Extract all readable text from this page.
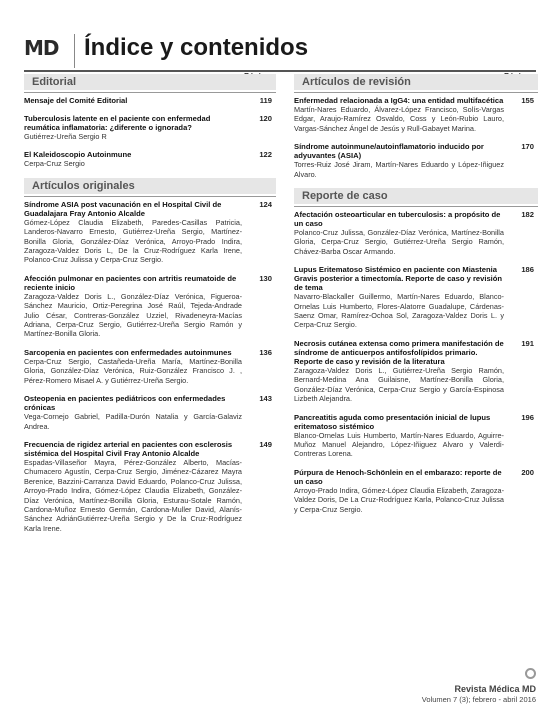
MD	Índice y contenidos
Editorial
Mensaje del Comité Editorial	119
Tuberculosis latente en el paciente con enfermedad reumática inflamatoria: ¿diferente o ignorada?
Gutiérrez-Ureña Sergio R
120
El Kaleidoscopio Autoinmune
Cerpa-Cruz Sergio
122
Artículos originales
Síndrome ASIA post vacunación en el Hospital Civil de Guadalajara Fray Antonio Alcalde
Gómez-López Claudia Elizabeth, Paredes-Casillas Patricia, Landeros-Navarro Ernesto, Gutiérrez-Ureña Sergio, Martínez-Bonilla Gloria, González-Díaz Verónica, Arroyo-Prado Indira, Zaragoza-Valdez Doris L, De la Cruz-Rodríguez Karla Irene, Polanco-Cruz Julissa y Cerpa-Cruz Sergio.
124
Afección pulmonar en pacientes con artritis reumatoide de reciente inicio
Zaragoza-Valdez Doris L., González-Díaz Verónica, Figueroa-Sánchez Mauricio, Ortiz-Peregrina José Raúl, Tejeda-Andrade Julio César, Contreras-González Uzziel, Rivadeneyra-Macías Adriana, Cerpa-Cruz Sergio, Gutiérrez-Ureña Sergio Ramón y Martínez-Bonilla Gloria.
130
Sarcopenia en pacientes con enfermedades autoinmunes
Cerpa-Cruz Sergio, Castañeda-Ureña María, Martínez-Bonilla Gloria, González-Díaz Verónica, Ruiz-González Francisco J. , Pérez-Romero Misael A. y Gutiérrez-Ureña Sergio.
136
Osteopenia en pacientes pediátricos con enfermedades crónicas
Vega-Cornejo Gabriel, Padilla-Durón Natalia y García-Galaviz Andrea.
143
Frecuencia de rigidez arterial en pacientes con esclerosis sistémica del Hospital Civil Fray Antonio Alcalde
Espadas-Villaseñor Mayra, Pérez-González Alberto, Macías-Chumacero Agustín, Cerpa-Cruz Sergio, Jiménez-Cázarez Mayra Berenice, Bazzini-Carranza David Eduardo, Polanco-Cruz Julissa, Arroyo-Prado Indira, Gómez-López Claudia Elizabeth, González-Díaz Verónica, Martínez-Bonilla Gloria, Esturau-Sotale Ramón, Cardona-Muñoz Ernesto Germán, Cardona-Muller David, Alanís-Sánchez AdriánGutiérrez-Ureña Sergio y De la Cruz-Rodríguez Karla Irene.
149
Artículos de revisión
Enfermedad relacionada a IgG4: una entidad multifacética
Martín-Nares Eduardo, Álvarez-López Francisco, Solís-Vargas Edgar, Araujo-Ramírez Osvaldo, Coss y León-Rubio Lauro, Vargas-Sánchez Ángel de Jesús y Rull-Gabayet Marina.
155
Síndrome autoinmune/autoinflamatorio inducido por adyuvantes (ASIA)
Torres-Ruiz José Jiram, Martín-Nares Eduardo y López-Iñiguez Alvaro.
170
Reporte de caso
Afectación osteoarticular en tuberculosis: a propósito de un caso
Polanco-Cruz Julissa, González-Díaz Verónica, Martínez-Bonilla Gloria, Cerpa-Cruz Sergio, Gutiérrez-Ureña Sergio Ramón, Chávez-Barba Oscar Armando.
182
Lupus Eritematoso Sistémico en paciente con Miastenia Gravis posterior a timectomía. Reporte de caso y revisión de tema
Navarro-Blackaller Guillermo, Martín-Nares Eduardo, Blanco-Ornelas Luis Humberto, Flores-Alatorre Guadalupe, Cárdenas-Saenz Omar, Ramírez-Ochoa Sol, Zaragoza-Valdez Doris L. y Cerpa-Cruz Sergio.
186
Necrosis cutánea extensa como primera manifestación de síndrome de anticuerpos antifosfolípidos primario. Reporte de caso y revisión de la literatura
Zaragoza-Valdez Doris L., Gutiérrez-Ureña Sergio Ramón, Bernard-Medina Ana Guilaisne, Martínez-Bonilla Gloria, González-Díaz Verónica, Cerpa-Cruz Sergio y García-Espinosa Lizbeth Alejandra.
191
Pancreatitis aguda como presentación inicial de lupus eritematoso sistémico
Blanco-Ornelas Luis Humberto, Martín-Nares Eduardo, Aguirre-Muñoz Manuel Alejandro, López-Iñiguez Alvaro y Valerdi-Contreras Lorena.
196
Púrpura de Henoch-Schönlein en el embarazo: reporte de un caso
Arroyo-Prado Indira, Gómez-López Claudia Elizabeth, Zaragoza-Valdez Doris, De La Cruz-Rodríguez Karla, Polanco-Cruz Julissa y Cerpa-Cruz Sergio.
200
Revista Médica MD
Volumen 7 (3); febrero - abril 2016
